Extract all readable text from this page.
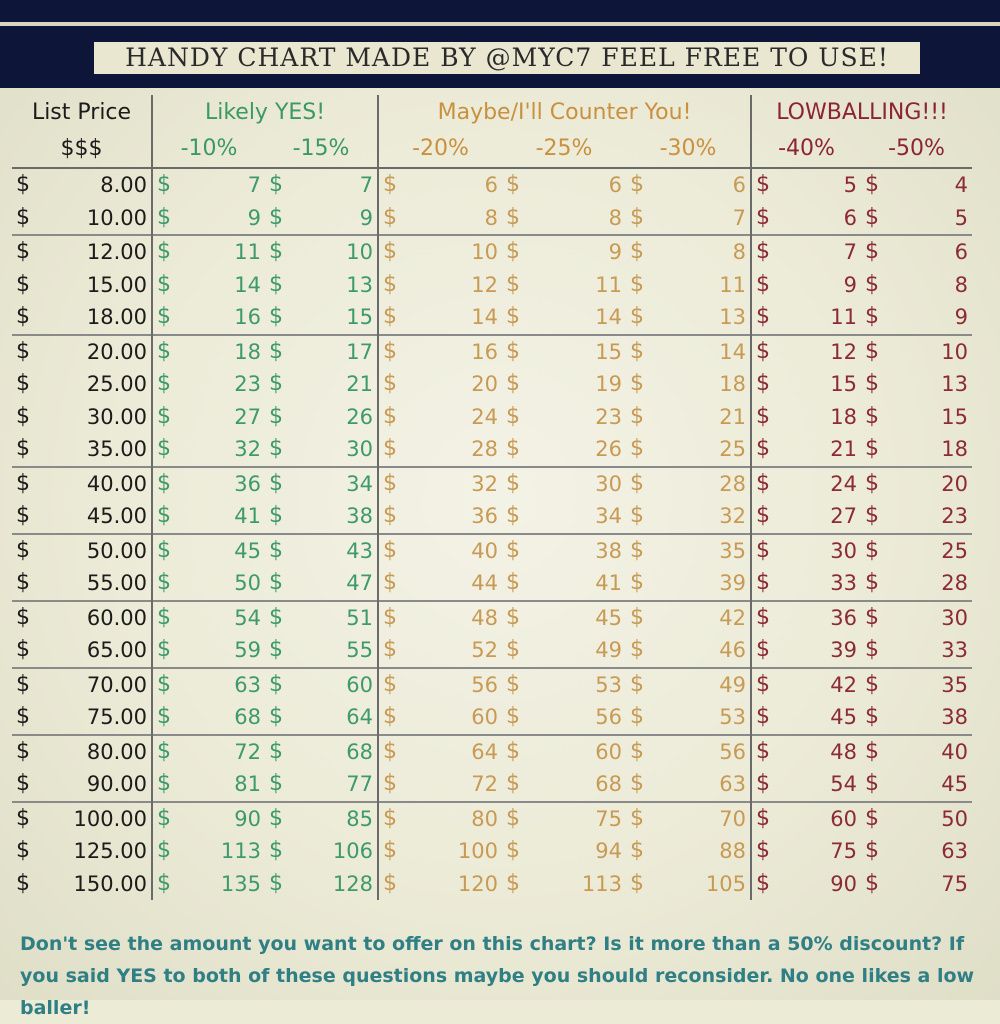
HANDY CHART MADE BY @MYC7 FEEL FREE TO USE!
List Price	Likely YES!		Maybe/I'll Counter You!			LOWBALLING!!!	
$$$	-10%	-15%	-20%	-25%	-30%	-40%	-50%

$ 8.00	$ 7	$ 7	$ 6	$ 6	$ 6	$ 5	$ 4

$ 10.00	$ 9	$ 9	$ 8	$ 8	$ 7	$ 6	$ 5

$ 12.00	$ 11	$ 10	$ 10	$ 9	$ 8	$ 7	$ 6

$ 15.00	$ 14	$ 13	$ 12	$ 11	$ 11	$ 9	$ 8

$ 18.00	$ 16	$ 15	$ 14	$ 14	$ 13	$ 11	$ 9

$ 20.00	$ 18	$ 17	$ 16	$ 15	$ 14	$ 12	$ 10

$ 25.00	$ 23	$ 21	$ 20	$ 19	$ 18	$ 15	$ 13

$ 30.00	$ 27	$ 26	$ 24	$ 23	$ 21	$ 18	$ 15

$ 35.00	$ 32	$ 30	$ 28	$ 26	$ 25	$ 21	$ 18

$ 40.00	$ 36	$ 34	$ 32	$ 30	$ 28	$ 24	$ 20

$ 45.00	$ 41	$ 38	$ 36	$ 34	$ 32	$ 27	$ 23

$ 50.00	$ 45	$ 43	$ 40	$ 38	$ 35	$ 30	$ 25

$ 55.00	$ 50	$ 47	$ 44	$ 41	$ 39	$ 33	$ 28

$ 60.00	$ 54	$ 51	$ 48	$ 45	$ 42	$ 36	$ 30

$ 65.00	$ 59	$ 55	$ 52	$ 49	$ 46	$ 39	$ 33

$ 70.00	$ 63	$ 60	$ 56	$ 53	$ 49	$ 42	$ 35

$ 75.00	$ 68	$ 64	$ 60	$ 56	$ 53	$ 45	$ 38

$ 80.00	$ 72	$ 68	$ 64	$ 60	$ 56	$ 48	$ 40

$ 90.00	$ 81	$ 77	$ 72	$ 68	$ 63	$ 54	$ 45

$ 100.00	$ 90	$ 85	$ 80	$ 75	$ 70	$ 60	$ 50

$ 125.00	$ 113	$ 106	$ 100	$ 94	$ 88	$ 75	$ 63

$ 150.00	$ 135	$ 128	$ 120	$ 113	$ 105	$ 90	$ 75
Don't see the amount you want to offer on this chart? Is it more than a 50% discount? If you said YES to both of these questions maybe you should reconsider. No one likes a low baller!
